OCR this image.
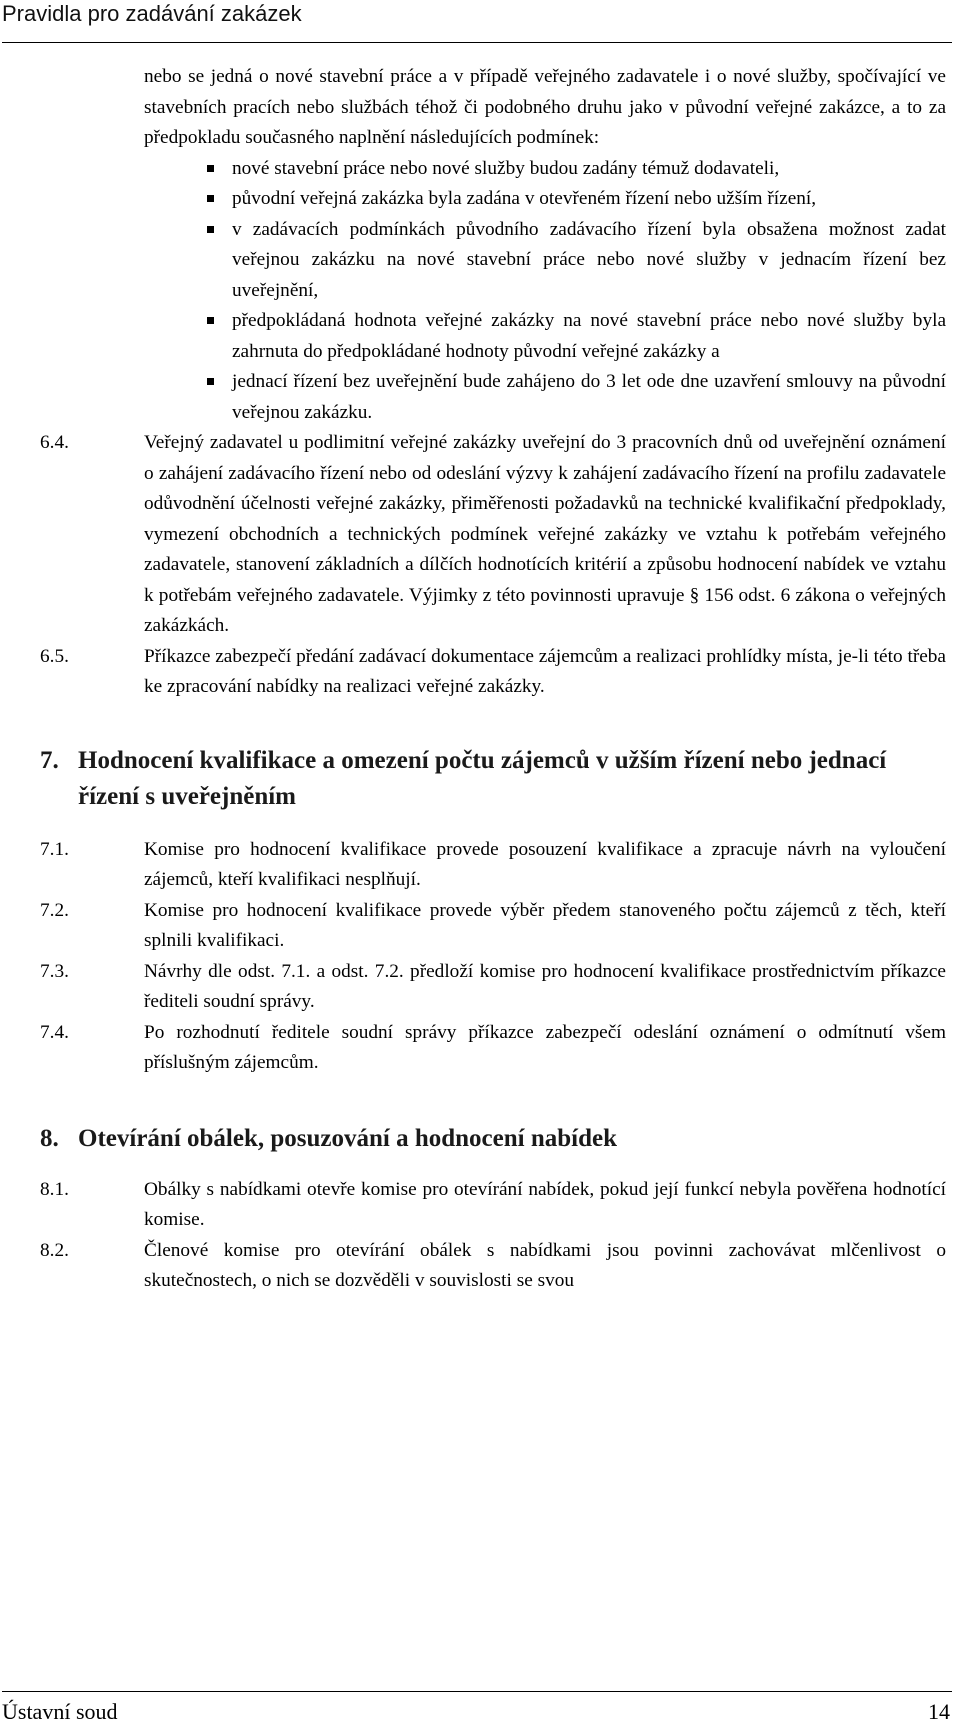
Pravidla pro zadávání zakázek
nebo se jedná o nové stavební práce a v případě veřejného zadavatele i o nové služby, spočívající ve stavebních pracích nebo službách téhož či podobného druhu jako v původní veřejné zakázce, a to za předpokladu současného naplnění následujících podmínek:
nové stavební práce nebo nové služby budou zadány témuž dodavateli,
původní veřejná zakázka byla zadána v otevřeném řízení nebo užším řízení,
v zadávacích podmínkách původního zadávacího řízení byla obsažena možnost zadat veřejnou zakázku na nové stavební práce nebo nové služby v jednacím řízení bez uveřejnění,
předpokládaná hodnota veřejné zakázky na nové stavební práce nebo nové služby byla zahrnuta do předpokládané hodnoty původní veřejné zakázky a
jednací řízení bez uveřejnění bude zahájeno do 3 let ode dne uzavření smlouvy na původní veřejnou zakázku.
6.4.	Veřejný zadavatel u podlimitní veřejné zakázky uveřejní do 3 pracovních dnů od uveřejnění oznámení o zahájení zadávacího řízení nebo od odeslání výzvy k zahájení zadávacího řízení na profilu zadavatele odůvodnění účelnosti veřejné zakázky, přiměřenosti požadavků na technické kvalifikační předpoklady, vymezení obchodních a technických podmínek veřejné zakázky ve vztahu k potřebám veřejného zadavatele, stanovení základních a dílčích hodnotících kritérií a způsobu hodnocení nabídek ve vztahu k potřebám veřejného zadavatele. Výjimky z této povinnosti upravuje § 156 odst. 6 zákona o veřejných zakázkách.
6.5.	Příkazce zabezpečí předání zadávací dokumentace zájemcům a realizaci prohlídky místa, je-li této třeba ke zpracování nabídky na realizaci veřejné zakázky.
7. Hodnocení kvalifikace a omezení počtu zájemců v užším řízení nebo jednací řízení s uveřejněním
7.1.	Komise pro hodnocení kvalifikace provede posouzení kvalifikace a zpracuje návrh na vyloučení zájemců, kteří kvalifikaci nesplňují.
7.2.	Komise pro hodnocení kvalifikace provede výběr předem stanoveného počtu zájemců z těch, kteří splnili kvalifikaci.
7.3.	Návrhy dle odst. 7.1. a odst. 7.2. předloží komise pro hodnocení kvalifikace prostřednictvím příkazce řediteli soudní správy.
7.4.	Po rozhodnutí ředitele soudní správy příkazce zabezpečí odeslání oznámení o odmítnutí všem příslušným zájemcům.
8. Otevírání obálek, posuzování a hodnocení nabídek
8.1.	Obálky s nabídkami otevře komise pro otevírání nabídek, pokud její funkcí nebyla pověřena hodnotící komise.
8.2.	Členové komise pro otevírání obálek s nabídkami jsou povinni zachovávat mlčenlivost o skutečnostech, o nich se dozvěděli v souvislosti se svou
Ústavní soud	14
